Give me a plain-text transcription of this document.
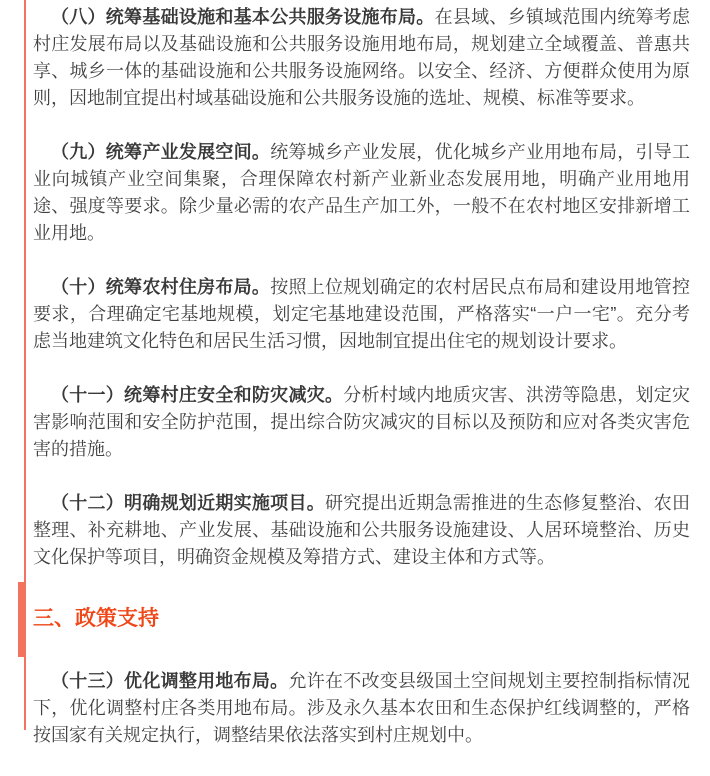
（八）统筹基础设施和基本公共服务设施布局。在县域、乡镇域范围内统筹考虑村庄发展布局以及基础设施和公共服务设施用地布局，规划建立全域覆盖、普惠共享、城乡一体的基础设施和公共服务设施网络。以安全、经济、方便群众使用为原则，因地制宜提出村域基础设施和公共服务设施的选址、规模、标准等要求。

（九）统筹产业发展空间。统筹城乡产业发展，优化城乡产业用地布局，引导工业向城镇产业空间集聚，合理保障农村新产业新业态发展用地，明确产业用地用途、强度等要求。除少量必需的农产品生产加工外，一般不在农村地区安排新增工业用地。

（十）统筹农村住房布局。按照上位规划确定的农村居民点布局和建设用地管控要求，合理确定宅基地规模，划定宅基地建设范围，严格落实“一户一宅”。充分考虑当地建筑文化特色和居民生活习惯，因地制宜提出住宅的规划设计要求。

（十一）统筹村庄安全和防灾减灾。分析村域内地质灾害、洪涝等隐患，划定灾害影响范围和安全防护范围，提出综合防灾减灾的目标以及预防和应对各类灾害危害的措施。

（十二）明确规划近期实施项目。研究提出近期急需推进的生态修复整治、农田整理、补充耕地、产业发展、基础设施和公共服务设施建设、人居环境整治、历史文化保护等项目，明确资金规模及筹措方式、建设主体和方式等。

三、政策支持

（十三）优化调整用地布局。允许在不改变县级国土空间规划主要控制指标情况下，优化调整村庄各类用地布局。涉及永久基本农田和生态保护红线调整的，严格按国家有关规定执行，调整结果依法落实到村庄规划中。
